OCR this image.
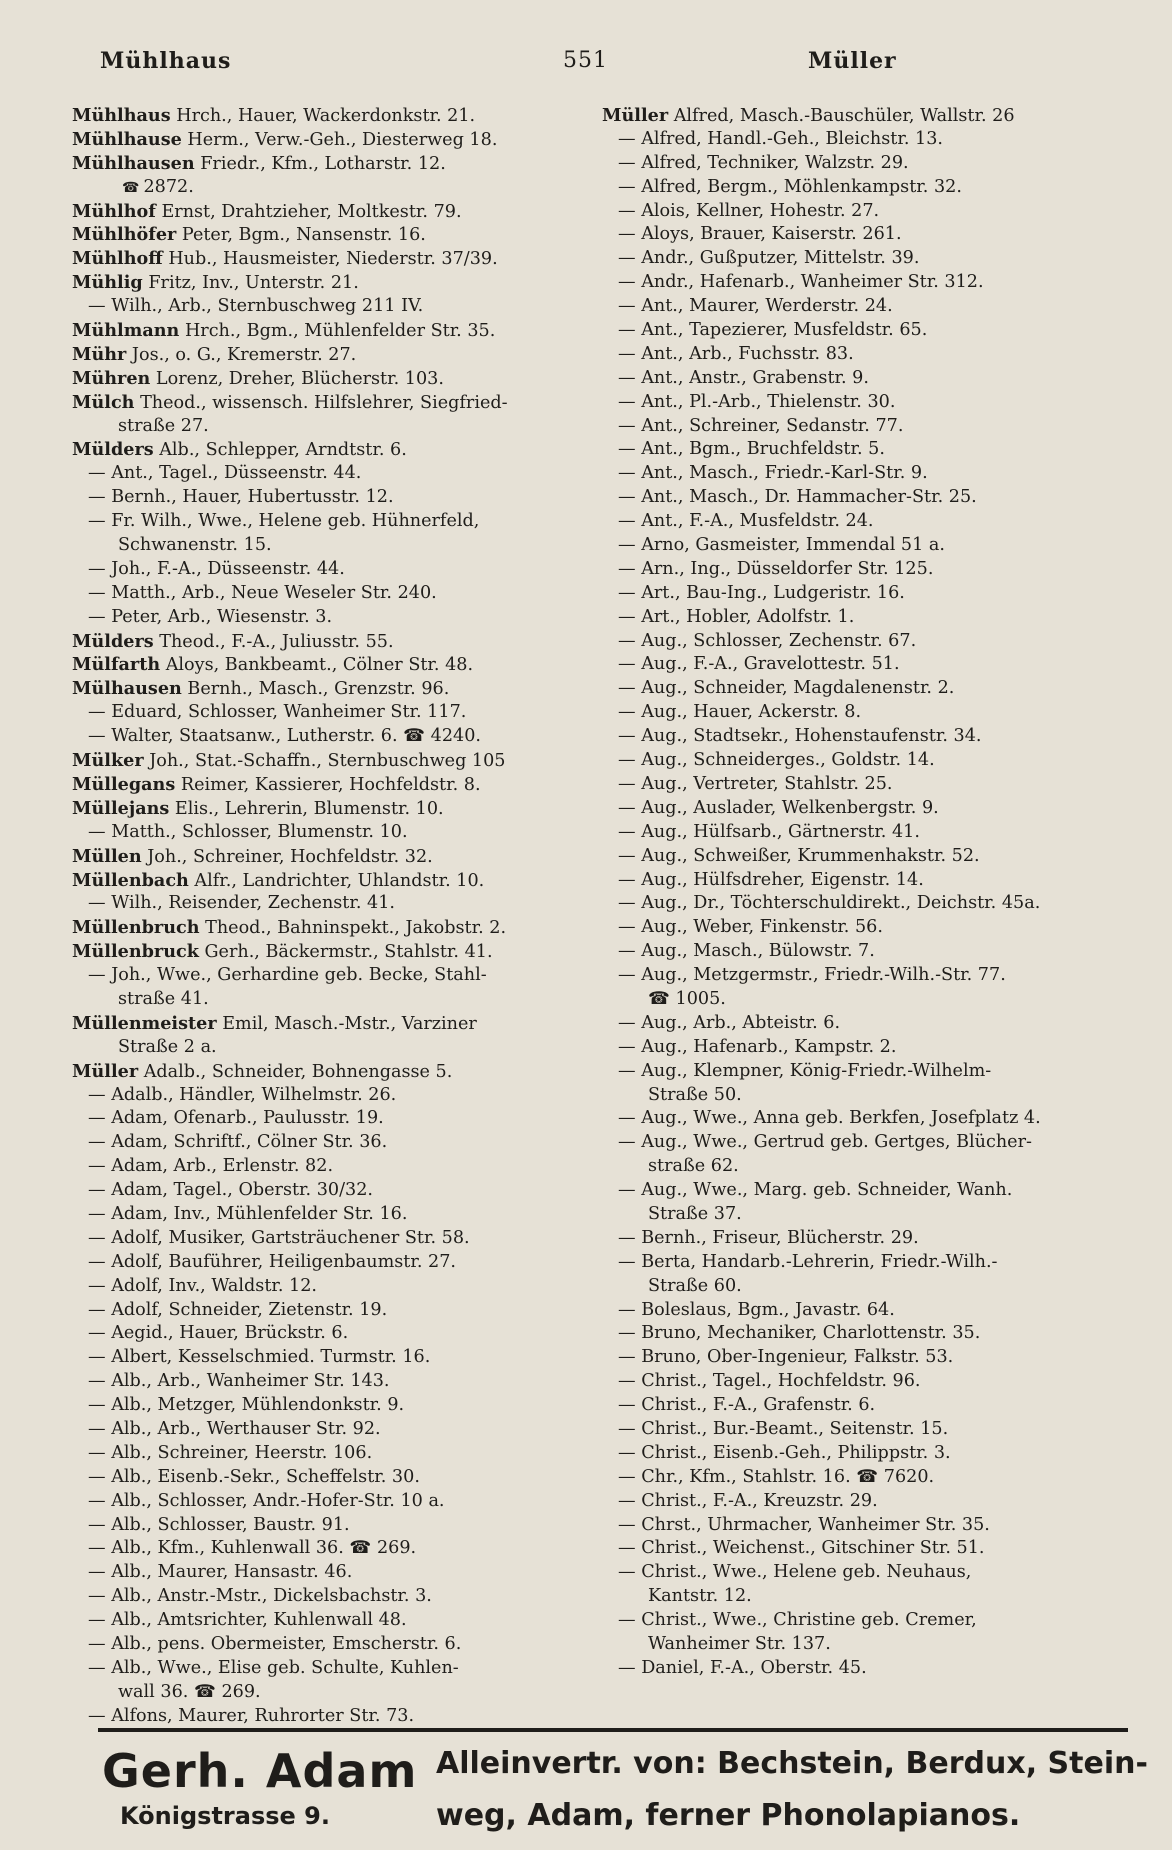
Mühlhaus	551	Müller
Mühlhaus Hrch., Hauer, Wackerdonkstr. 21.
Mühlhause Herm., Verw.-Geh., Diesterweg 18.
Mühlhausen Friedr., Kfm., Lotharstr. 12.
☎ 2872.
Mühlhof Ernst, Drahtzieher, Moltkestr. 79.
Mühlhöfer Peter, Bgm., Nansenstr. 16.
Mühlhoff Hub., Hausmeister, Niederstr. 37/39.
Mühlig Fritz, Inv., Unterstr. 21.
— Wilh., Arb., Sternbuschweg 211 IV.
Mühlmann Hrch., Bgm., Mühlenfelder Str. 35.
Mühr Jos., o. G., Kremerstr. 27.
Mühren Lorenz, Dreher, Blücherstr. 103.
Mülch Theod., wissensch. Hilfslehrer, Siegfried-
straße 27.
Mülders Alb., Schlepper, Arndtstr. 6.
— Ant., Tagel., Düsseenstr. 44.
— Bernh., Hauer, Hubertusstr. 12.
— Fr. Wilh., Wwe., Helene geb. Hühnerfeld,
Schwanenstr. 15.
— Joh., F.-A., Düsseenstr. 44.
— Matth., Arb., Neue Weseler Str. 240.
— Peter, Arb., Wiesenstr. 3.
Mülders Theod., F.-A., Juliusstr. 55.
Mülfarth Aloys, Bankbeamt., Cölner Str. 48.
Mülhausen Bernh., Masch., Grenzstr. 96.
— Eduard, Schlosser, Wanheimer Str. 117.
— Walter, Staatsanw., Lutherstr. 6. ☎ 4240.
Mülker Joh., Stat.-Schaffn., Sternbuschweg 105
Müllegans Reimer, Kassierer, Hochfeldstr. 8.
Müllejans Elis., Lehrerin, Blumenstr. 10.
— Matth., Schlosser, Blumenstr. 10.
Müllen Joh., Schreiner, Hochfeldstr. 32.
Müllenbach Alfr., Landrichter, Uhlandstr. 10.
— Wilh., Reisender, Zechenstr. 41.
Müllenbruch Theod., Bahninspekt., Jakobstr. 2.
Müllenbruck Gerh., Bäckermstr., Stahlstr. 41.
— Joh., Wwe., Gerhardine geb. Becke, Stahl-
straße 41.
Müllenmeister Emil, Masch.-Mstr., Varziner
Straße 2 a.
Müller Adalb., Schneider, Bohnengasse 5.
— Adalb., Händler, Wilhelmstr. 26.
— Adam, Ofenarb., Paulusstr. 19.
— Adam, Schriftf., Cölner Str. 36.
— Adam, Arb., Erlenstr. 82.
— Adam, Tagel., Oberstr. 30/32.
— Adam, Inv., Mühlenfelder Str. 16.
— Adolf, Musiker, Gartsträuchener Str. 58.
— Adolf, Bauführer, Heiligenbaumstr. 27.
— Adolf, Inv., Waldstr. 12.
— Adolf, Schneider, Zietenstr. 19.
— Aegid., Hauer, Brückstr. 6.
— Albert, Kesselschmied. Turmstr. 16.
— Alb., Arb., Wanheimer Str. 143.
— Alb., Metzger, Mühlendonkstr. 9.
— Alb., Arb., Werthauser Str. 92.
— Alb., Schreiner, Heerstr. 106.
— Alb., Eisenb.-Sekr., Scheffelstr. 30.
— Alb., Schlosser, Andr.-Hofer-Str. 10 a.
— Alb., Schlosser, Baustr. 91.
— Alb., Kfm., Kuhlenwall 36. ☎ 269.
— Alb., Maurer, Hansastr. 46.
— Alb., Anstr.-Mstr., Dickelsbachstr. 3.
— Alb., Amtsrichter, Kuhlenwall 48.
— Alb., pens. Obermeister, Emscherstr. 6.
— Alb., Wwe., Elise geb. Schulte, Kuhlen-
wall 36. ☎ 269.
— Alfons, Maurer, Ruhrorter Str. 73.
Müller Alfred, Masch.-Bauschüler, Wallstr. 26
— Alfred, Handl.-Geh., Bleichstr. 13.
— Alfred, Techniker, Walzstr. 29.
— Alfred, Bergm., Möhlenkampstr. 32.
— Alois, Kellner, Hohestr. 27.
— Aloys, Brauer, Kaiserstr. 261.
— Andr., Gußputzer, Mittelstr. 39.
— Andr., Hafenarb., Wanheimer Str. 312.
— Ant., Maurer, Werderstr. 24.
— Ant., Tapezierer, Musfeldstr. 65.
— Ant., Arb., Fuchsstr. 83.
— Ant., Anstr., Grabenstr. 9.
— Ant., Pl.-Arb., Thielenstr. 30.
— Ant., Schreiner, Sedanstr. 77.
— Ant., Bgm., Bruchfeldstr. 5.
— Ant., Masch., Friedr.-Karl-Str. 9.
— Ant., Masch., Dr. Hammacher-Str. 25.
— Ant., F.-A., Musfeldstr. 24.
— Arno, Gasmeister, Immendal 51 a.
— Arn., Ing., Düsseldorfer Str. 125.
— Art., Bau-Ing., Ludgeristr. 16.
— Art., Hobler, Adolfstr. 1.
— Aug., Schlosser, Zechenstr. 67.
— Aug., F.-A., Gravelottestr. 51.
— Aug., Schneider, Magdalenenstr. 2.
— Aug., Hauer, Ackerstr. 8.
— Aug., Stadtsekr., Hohenstaufenstr. 34.
— Aug., Schneiderges., Goldstr. 14.
— Aug., Vertreter, Stahlstr. 25.
— Aug., Auslader, Welkenbergstr. 9.
— Aug., Hülfsarb., Gärtnerstr. 41.
— Aug., Schweißer, Krummenhakstr. 52.
— Aug., Hülfsdreher, Eigenstr. 14.
— Aug., Dr., Töchterschuldirekt., Deichstr. 45a.
— Aug., Weber, Finkenstr. 56.
— Aug., Masch., Bülowstr. 7.
— Aug., Metzgermstr., Friedr.-Wilh.-Str. 77.
☎ 1005.
— Aug., Arb., Abteistr. 6.
— Aug., Hafenarb., Kampstr. 2.
— Aug., Klempner, König-Friedr.-Wilhelm-
Straße 50.
— Aug., Wwe., Anna geb. Berkfen, Josefplatz 4.
— Aug., Wwe., Gertrud geb. Gertges, Blücher-
straße 62.
— Aug., Wwe., Marg. geb. Schneider, Wanh.
Straße 37.
— Bernh., Friseur, Blücherstr. 29.
— Berta, Handarb.-Lehrerin, Friedr.-Wilh.-
Straße 60.
— Boleslaus, Bgm., Javastr. 64.
— Bruno, Mechaniker, Charlottenstr. 35.
— Bruno, Ober-Ingenieur, Falkstr. 53.
— Christ., Tagel., Hochfeldstr. 96.
— Christ., F.-A., Grafenstr. 6.
— Christ., Bur.-Beamt., Seitenstr. 15.
— Christ., Eisenb.-Geh., Philippstr. 3.
— Chr., Kfm., Stahlstr. 16. ☎ 7620.
— Christ., F.-A., Kreuzstr. 29.
— Chrst., Uhrmacher, Wanheimer Str. 35.
— Christ., Weichenst., Gitschiner Str. 51.
— Christ., Wwe., Helene geb. Neuhaus,
Kantstr. 12.
— Christ., Wwe., Christine geb. Cremer,
Wanheimer Str. 137.
— Daniel, F.-A., Oberstr. 45.
Gerh. Adam
Königstrasse 9.
Alleinvertr. von: Bechstein, Berdux, Stein-
weg, Adam, ferner Phonolapianos.
